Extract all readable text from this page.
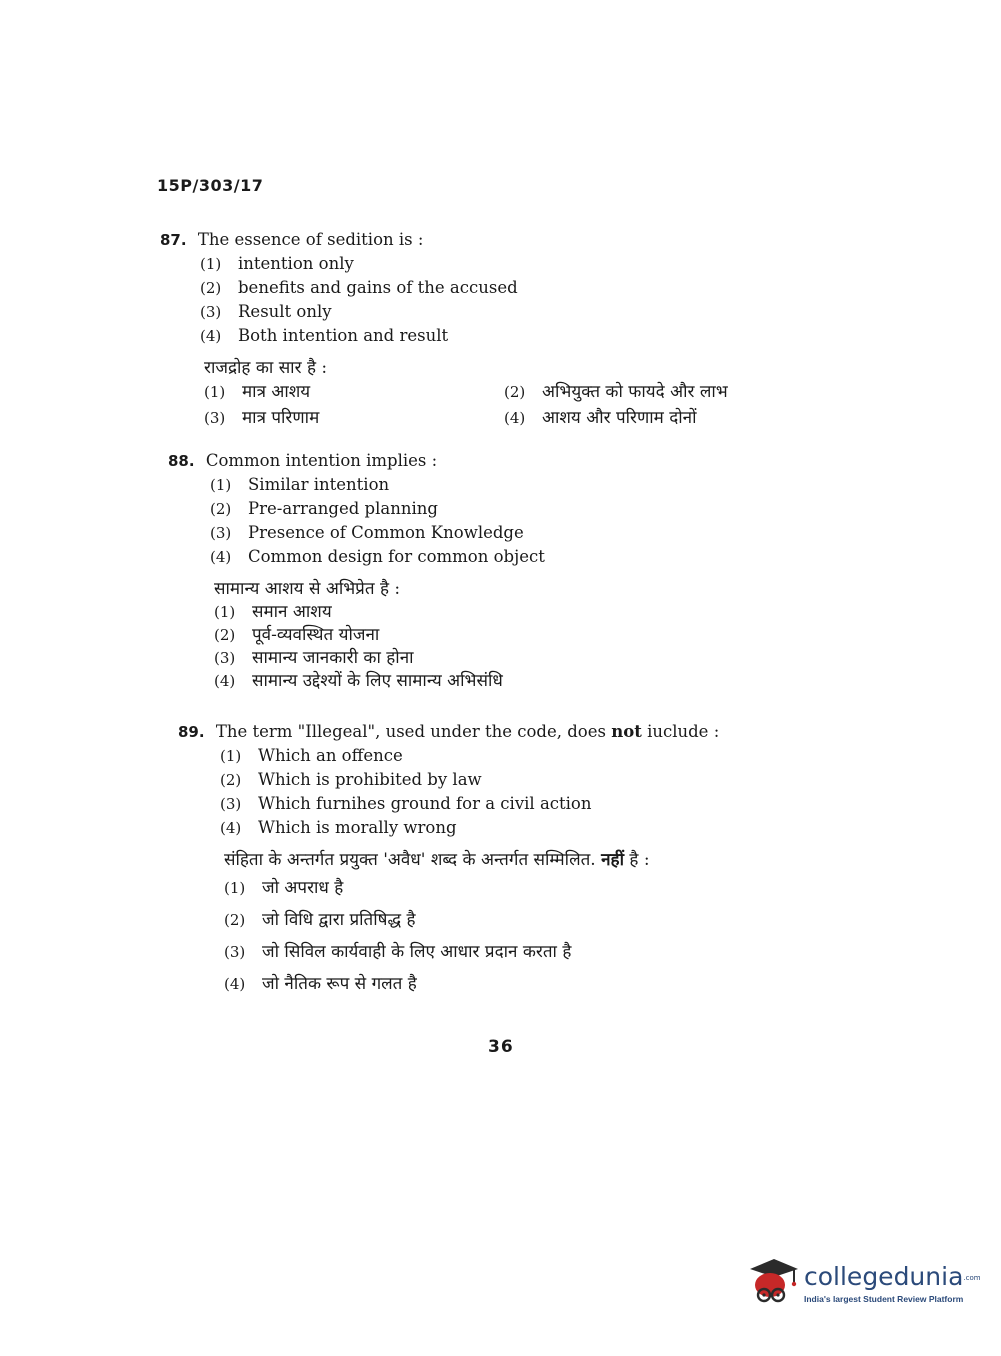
15P/303/17
87. The essence of sedition is :
(1) intention only
(2) benefits and gains of the accused
(3) Result only
(4) Both intention and result
राजद्रोह का सार है :
(1) मात्र आशय	(2) अभियुक्त को फायदे और लाभ
(3) मात्र परिणाम	(4) आशय और परिणाम दोनों
88. Common intention implies :
(1) Similar intention
(2) Pre-arranged planning
(3) Presence of Common Knowledge
(4) Common design for common object
सामान्य आशय से अभिप्रेत है :
(1) समान आशय
(2) पूर्व-व्यवस्थित योजना
(3) सामान्य जानकारी का होना
(4) सामान्य उद्देश्यों के लिए सामान्य अभिसंधि
89. The term "Illegeal", used under the code, does not iuclude :
(1) Which an offence
(2) Which is prohibited by law
(3) Which furnihes ground for a civil action
(4) Which is morally wrong
संहिता के अन्तर्गत प्रयुक्त 'अवैध' शब्द के अन्तर्गत सम्मिलित. नहीं है :
(1) जो अपराध है
(2) जो विधि द्वारा प्रतिषिद्ध है
(3) जो सिविल कार्यवाही के लिए आधार प्रदान करता है
(4) जो नैतिक रूप से गलत है
36
collegedunia.com
India's largest Student Review Platform
